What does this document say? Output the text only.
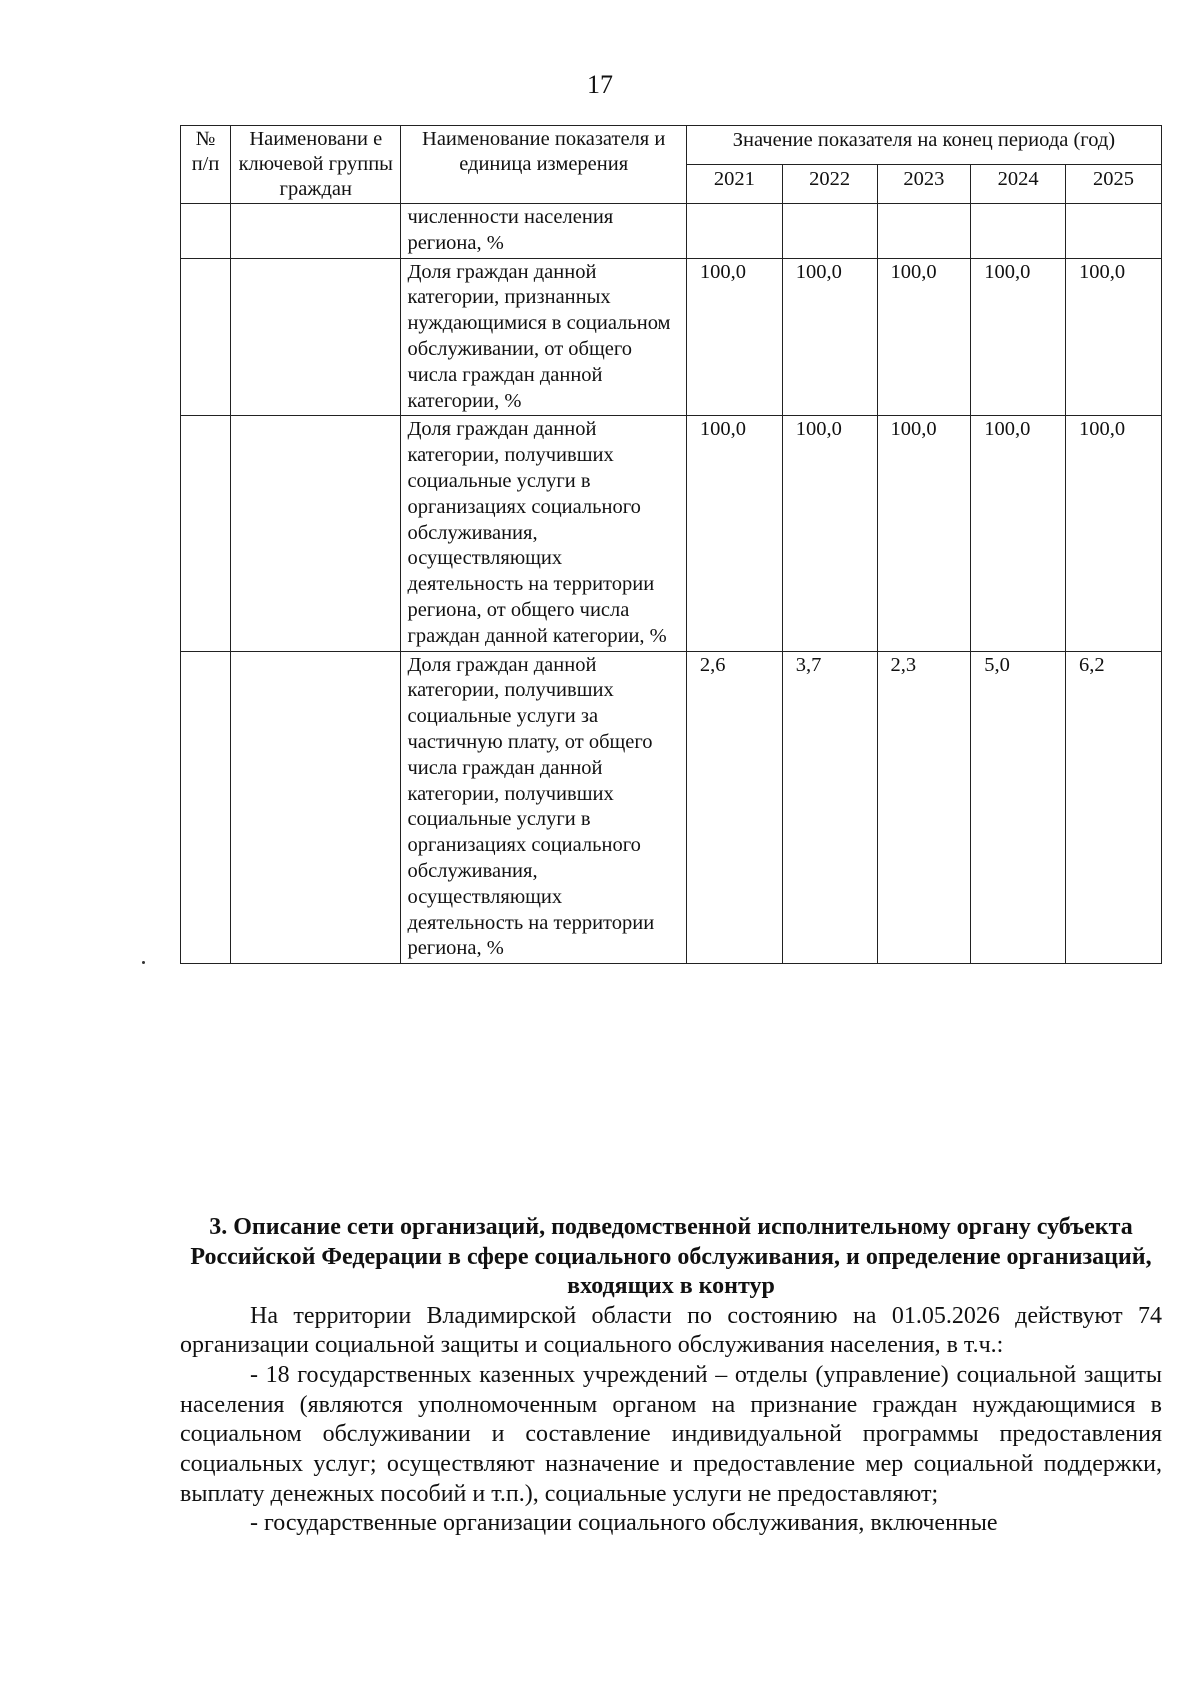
17
№ п/п	Наименовани е ключевой группы граждан	Наименование показателя и единица измерения	Значение показателя на конец периода (год)				
			2021	2022	2023	2024	2025
		численности населения региона, %					
		Доля граждан данной категории, признанных нуждающимися в социальном обслуживании, от общего числа граждан данной категории, %	100,0	100,0	100,0	100,0	100,0
		Доля граждан данной категории, получивших социальные услуги в организациях социального обслуживания, осуществляющих деятельность на территории региона, от общего числа граждан данной категории, %	100,0	100,0	100,0	100,0	100,0
		Доля граждан данной категории, получивших социальные услуги за частичную плату, от общего числа граждан данной категории, получивших социальные услуги в организациях социального обслуживания, осуществляющих деятельность на территории региона, %	2,6	3,7	2,3	5,0	6,2

3. Описание сети организаций, подведомственной исполнительному органу субъекта Российской Федерации в сфере социального обслуживания, и определение организаций, входящих в контур

На территории Владимирской области по состоянию на 01.05.2026 действуют 74 организации социальной защиты и социального обслуживания населения, в т.ч.:

- 18 государственных казенных учреждений – отделы (управление) социальной защиты населения (являются уполномоченным органом на признание граждан нуждающимися в социальном обслуживании и составление индивидуальной программы предоставления социальных услуг; осуществляют назначение и предоставление мер социальной поддержки, выплату денежных пособий и т.п.), социальные услуги не предоставляют;

- государственные организации социального обслуживания, включенные
